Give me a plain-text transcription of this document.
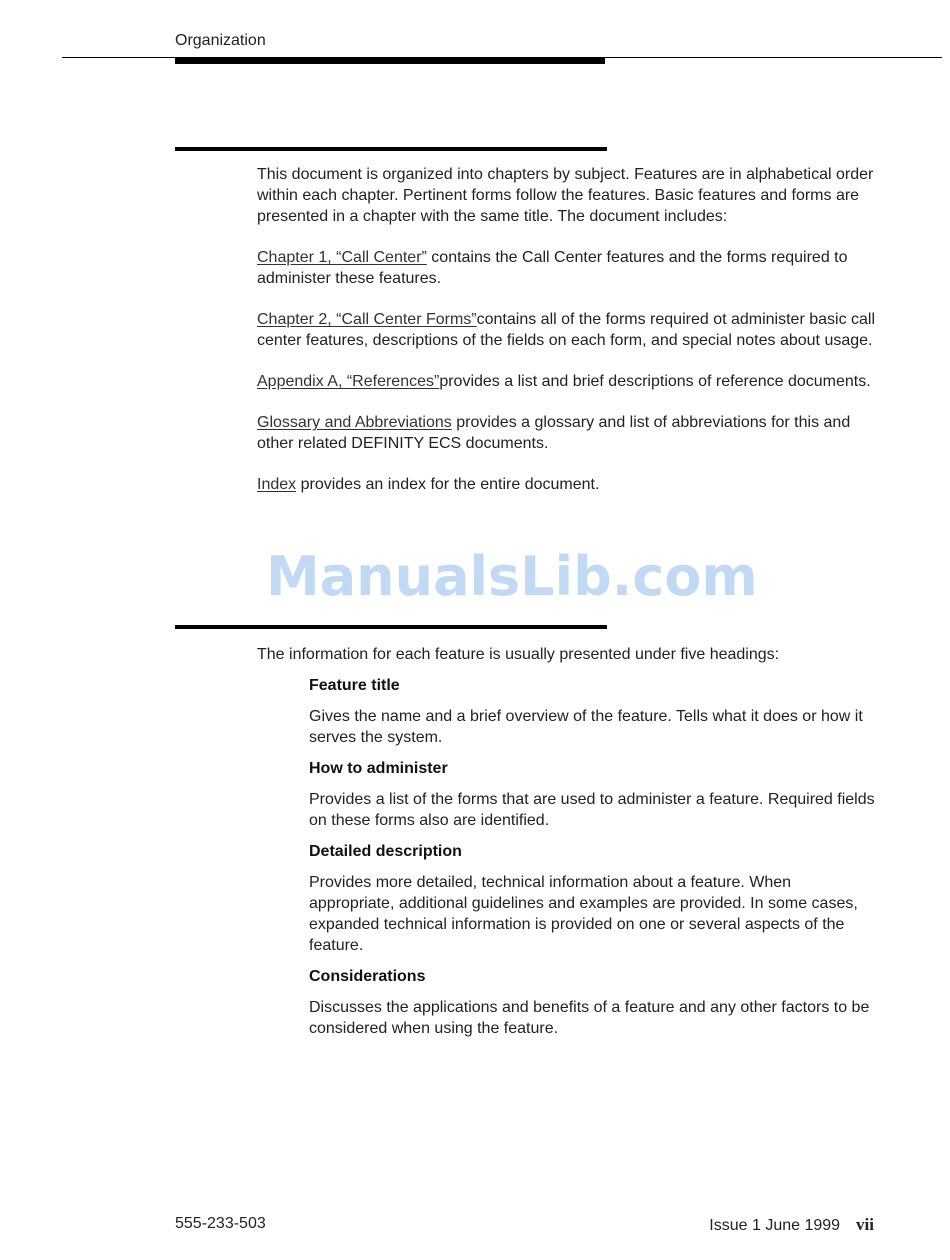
Organization

This document is organized into chapters by subject. Features are in alphabetical order within each chapter. Pertinent forms follow the features. Basic features and forms are presented in a chapter with the same title. The document includes:

Chapter 1, “Call Center” contains the Call Center features and the forms required to administer these features.

Chapter 2, “Call Center Forms”contains all of the forms required ot administer basic call center features, descriptions of the fields on each form, and special notes about usage.

Appendix A, “References”provides a list and brief descriptions of reference documents.

Glossary and Abbreviations provides a glossary and list of abbreviations for this and other related DEFINITY ECS documents.

Index provides an index for the entire document.

ManualsLib.com

The information for each feature is usually presented under five headings:

Feature title

Gives the name and a brief overview of the feature. Tells what it does or how it serves the system.

How to administer

Provides a list of the forms that are used to administer a feature. Required fields on these forms also are identified.

Detailed description

Provides more detailed, technical information about a feature. When appropriate, additional guidelines and examples are provided. In some cases, expanded technical information is provided on one or several aspects of the feature.

Considerations

Discusses the applications and benefits of a feature and any other factors to be considered when using the feature.

555-233-503	Issue 1 June 1999 vii
